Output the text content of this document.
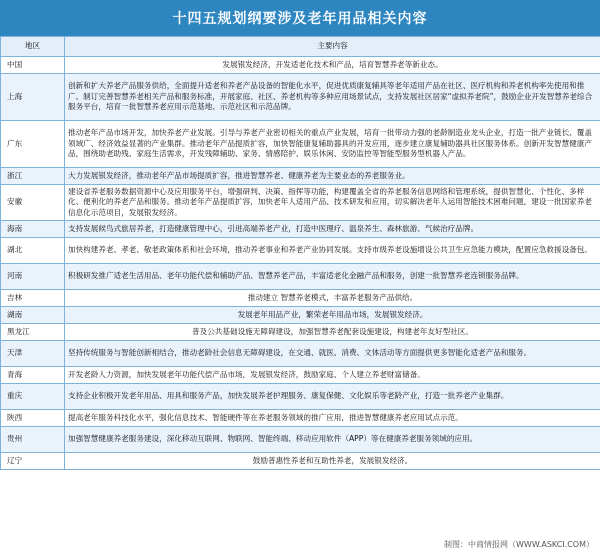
十四五规划纲要涉及老年用品相关内容
地区	主要内容
中国	发展银发经济，开发适老化技术和产品，培育智慧养老等新业态。
上海	创新和扩大养老产品服务供给，全面提升适老和养老产品设备的智能化水平，促进优质康复辅具等老年适用产品在社区、医疗机构和养老机构率先使用和推广。制订完善智慧养老相关产品和服务标准，开展家庭、社区、养老机构等多种应用场景试点，支持发展社区居家“虚拟养老院”，鼓励企业开发智慧养老综合服务平台，培育一批智慧养老应用示范基地、示范社区和示范品牌。
广东	推动老年产品市场开发，加快养老产业发展。引导与养老产业密切相关的重点产业发展，培育一批带动力强的老龄制造业龙头企业，打造一批产业链长、覆盖领域广、经济效益显著的产业集群。推动老年产品提质扩容，加快智能康复辅助器具的开发应用，逐步建立康复辅助器具社区服务体系。创新开发智慧健康产品，围绕助老助残、家庭生活需求，开发残障辅助、家务、情感陪护、娱乐休闲、安防监控等智能型服务型机器人产品。
浙江	大力发展银发经济，推动老年产品市场提质扩容，推进智慧养老、健康养老为主要业态的养老服务业。
安徽	建设省养老服务数据资源中心及应用服务平台，增强研判、决策、指挥等功能，构建覆盖全省的养老服务信息网络和管理系统，提供智慧化、个性化、多样化、便利化的养老产品和服务。推动老年产品提质扩容，加快老年人适用产品、技术研发和应用，切实解决老年人运用智能技术困难问题，建设一批国家养老信息化示范项目，发展银发经济。
海南	支持发展候鸟式旅居养老，打造健康管理中心，引进高端养老产业，打造中医理疗、温泉养生、森林旅游、气候治疗品牌。
湖北	加快构建养老、孝老、敬老政策体系和社会环境，推动养老事业和养老产业协同发展。支持市级养老设施增设公共卫生应急能力模块，配置应急救援设备包。
河南	积极研发推广适老生活用品、老年功能代偿和辅助产品、智慧养老产品，丰富适老化金融产品和服务，创建一批智慧养老连锁服务品牌。
吉林	推动建立 智慧养老模式，丰富养老服务产品供给。
湖南	发展老年用品产业，繁荣老年用品市场，发展银发经济。
黑龙江	普及公共基础设施无障碍建设，加强智慧养老配套设施建设，构建老年友好型社区。
天津	坚持传统服务与智能创新相结合，推动老龄社会信息无障碍建设，在交通、就医、消费、文体活动等方面提供更多智能化适老产品和服务。
青海	开发老龄人力资源，加快发展老年功能代偿产品市场，发展银发经济，鼓励家庭、个人建立养老财富储备。
重庆	支持企业积极开发老年用品、用具和服务产品，加快发展养老护理服务、康复保健、文化娱乐等老龄产业，打造一批养老产业集群。
陕西	提高老年服务科技化水平，强化信息技术、智能硬件等在养老服务领域的推广应用，推进智慧健康养老应用试点示范。
贵州	加强智慧健康养老服务建设，深化移动互联网、物联网、智能终端、移动应用软件（APP）等在健康养老服务领域的应用。
辽宁	鼓励普惠性养老和互助性养老，发展银发经济。
制图：中商情报网（WWW.ASKCI.COM）
